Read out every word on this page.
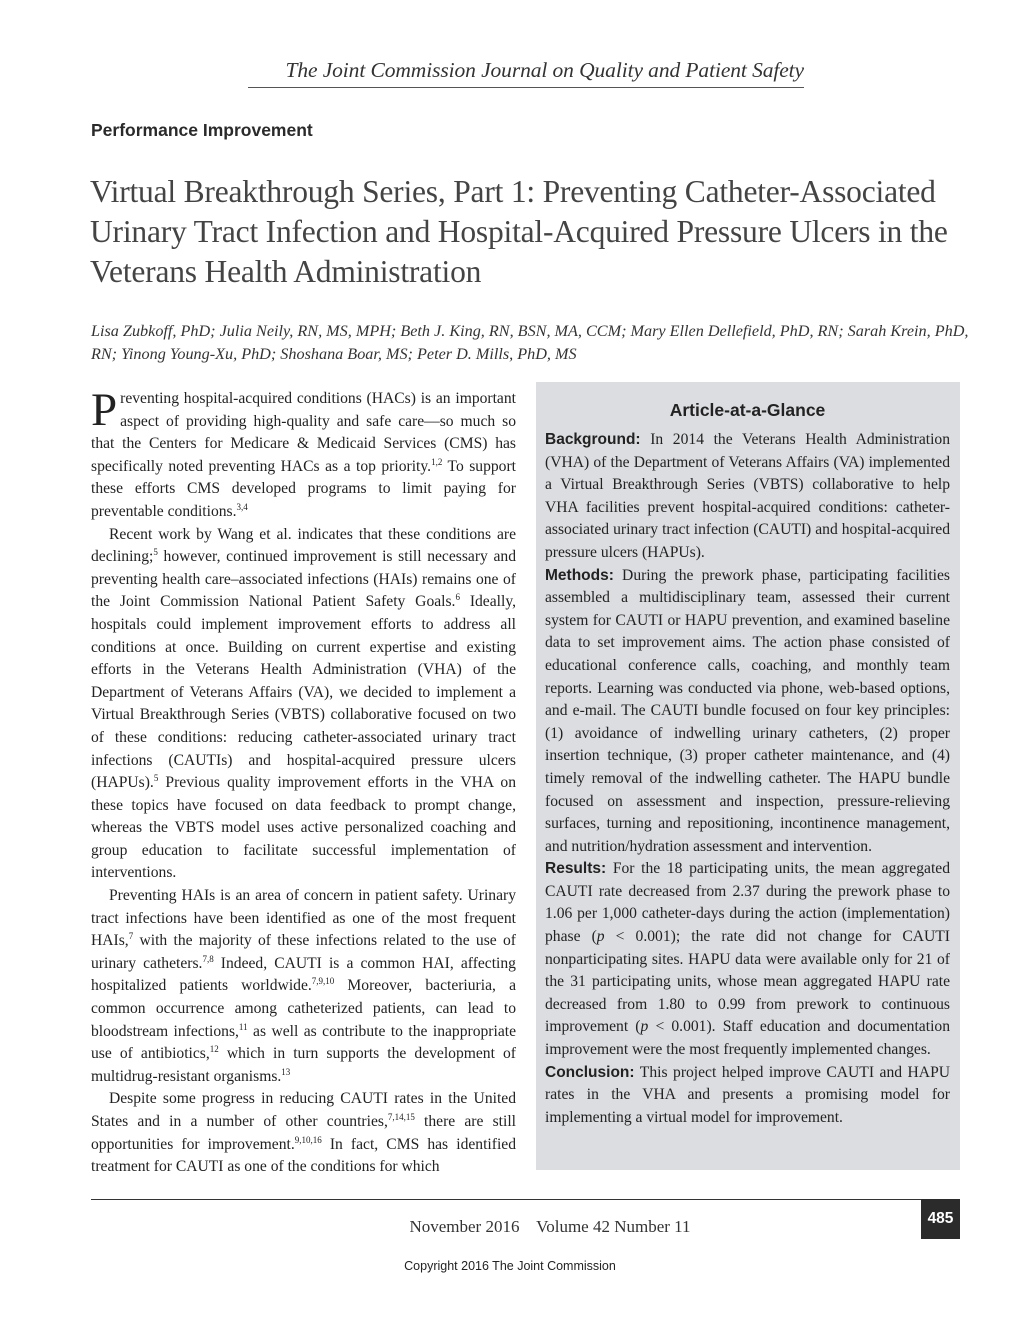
The Joint Commission Journal on Quality and Patient Safety
Performance Improvement
Virtual Breakthrough Series, Part 1: Preventing Catheter-Associated Urinary Tract Infection and Hospital-Acquired Pressure Ulcers in the Veterans Health Administration
Lisa Zubkoff, PhD; Julia Neily, RN, MS, MPH; Beth J. King, RN, BSN, MA, CCM; Mary Ellen Dellefield, PhD, RN; Sarah Krein, PhD, RN; Yinong Young-Xu, PhD; Shoshana Boar, MS; Peter D. Mills, PhD, MS

Preventing hospital-acquired conditions (HACs) is an important aspect of providing high-quality and safe care—so much so that the Centers for Medicare & Medicaid Services (CMS) has specifically noted preventing HACs as a top priority.$^{1,2}$ To support these efforts CMS developed programs to limit paying for preventable conditions.$^{3,4}$

Recent work by Wang et al. indicates that these conditions are declining;$^5$ however, continued improvement is still necessary and preventing health care–associated infections (HAIs) remains one of the Joint Commission National Patient Safety Goals.$^6$ Ideally, hospitals could implement improvement efforts to address all conditions at once. Building on current expertise and existing efforts in the Veterans Health Administration (VHA) of the Department of Veterans Affairs (VA), we decided to implement a Virtual Breakthrough Series (VBTS) collaborative focused on two of these conditions: reducing catheter-associated urinary tract infections (CAUTIs) and hospital-acquired pressure ulcers (HAPUs).$^5$ Previous quality improvement efforts in the VHA on these topics have focused on data feedback to prompt change, whereas the VBTS model uses active personalized coaching and group education to facilitate successful implementation of interventions.

Preventing HAIs is an area of concern in patient safety. Urinary tract infections have been identified as one of the most frequent HAIs,$^7$ with the majority of these infections related to the use of urinary catheters.$^{7,8}$ Indeed, CAUTI is a common HAI, affecting hospitalized patients worldwide.$^{7,9,10}$ Moreover, bacteriuria, a common occurrence among catheterized patients, can lead to bloodstream infections,$^{11}$ as well as contribute to the inappropriate use of antibiotics,$^{12}$ which in turn supports the development of multidrug-resistant organisms.$^{13}$

Despite some progress in reducing CAUTI rates in the United States and in a number of other countries,$^{7,14,15}$ there are still opportunities for improvement.$^{9,10,16}$ In fact, CMS has identified treatment for CAUTI as one of the conditions for which

Article-at-a-Glance

Background: In 2014 the Veterans Health Administration (VHA) of the Department of Veterans Affairs (VA) implemented a Virtual Breakthrough Series (VBTS) collaborative to help VHA facilities prevent hospital-acquired conditions: catheter-associated urinary tract infection (CAUTI) and hospital-acquired pressure ulcers (HAPUs).

Methods: During the prework phase, participating facilities assembled a multidisciplinary team, assessed their current system for CAUTI or HAPU prevention, and examined baseline data to set improvement aims. The action phase consisted of educational conference calls, coaching, and monthly team reports. Learning was conducted via phone, web-based options, and e-mail. The CAUTI bundle focused on four key principles: (1) avoidance of indwelling urinary catheters, (2) proper insertion technique, (3) proper catheter maintenance, and (4) timely removal of the indwelling catheter. The HAPU bundle focused on assessment and inspection, pressure-relieving surfaces, turning and repositioning, incontinence management, and nutrition/hydration assessment and intervention.

Results: For the 18 participating units, the mean aggregated CAUTI rate decreased from 2.37 during the prework phase to 1.06 per 1,000 catheter-days during the action (implementation) phase (p < 0.001); the rate did not change for CAUTI nonparticipating sites. HAPU data were available only for 21 of the 31 participating units, whose mean aggregated HAPU rate decreased from 1.80 to 0.99 from prework to continuous improvement (p < 0.001). Staff education and documentation improvement were the most frequently implemented changes.

Conclusion: This project helped improve CAUTI and HAPU rates in the VHA and presents a promising model for implementing a virtual model for improvement.

485
November 2016    Volume 42 Number 11
Copyright 2016 The Joint Commission
